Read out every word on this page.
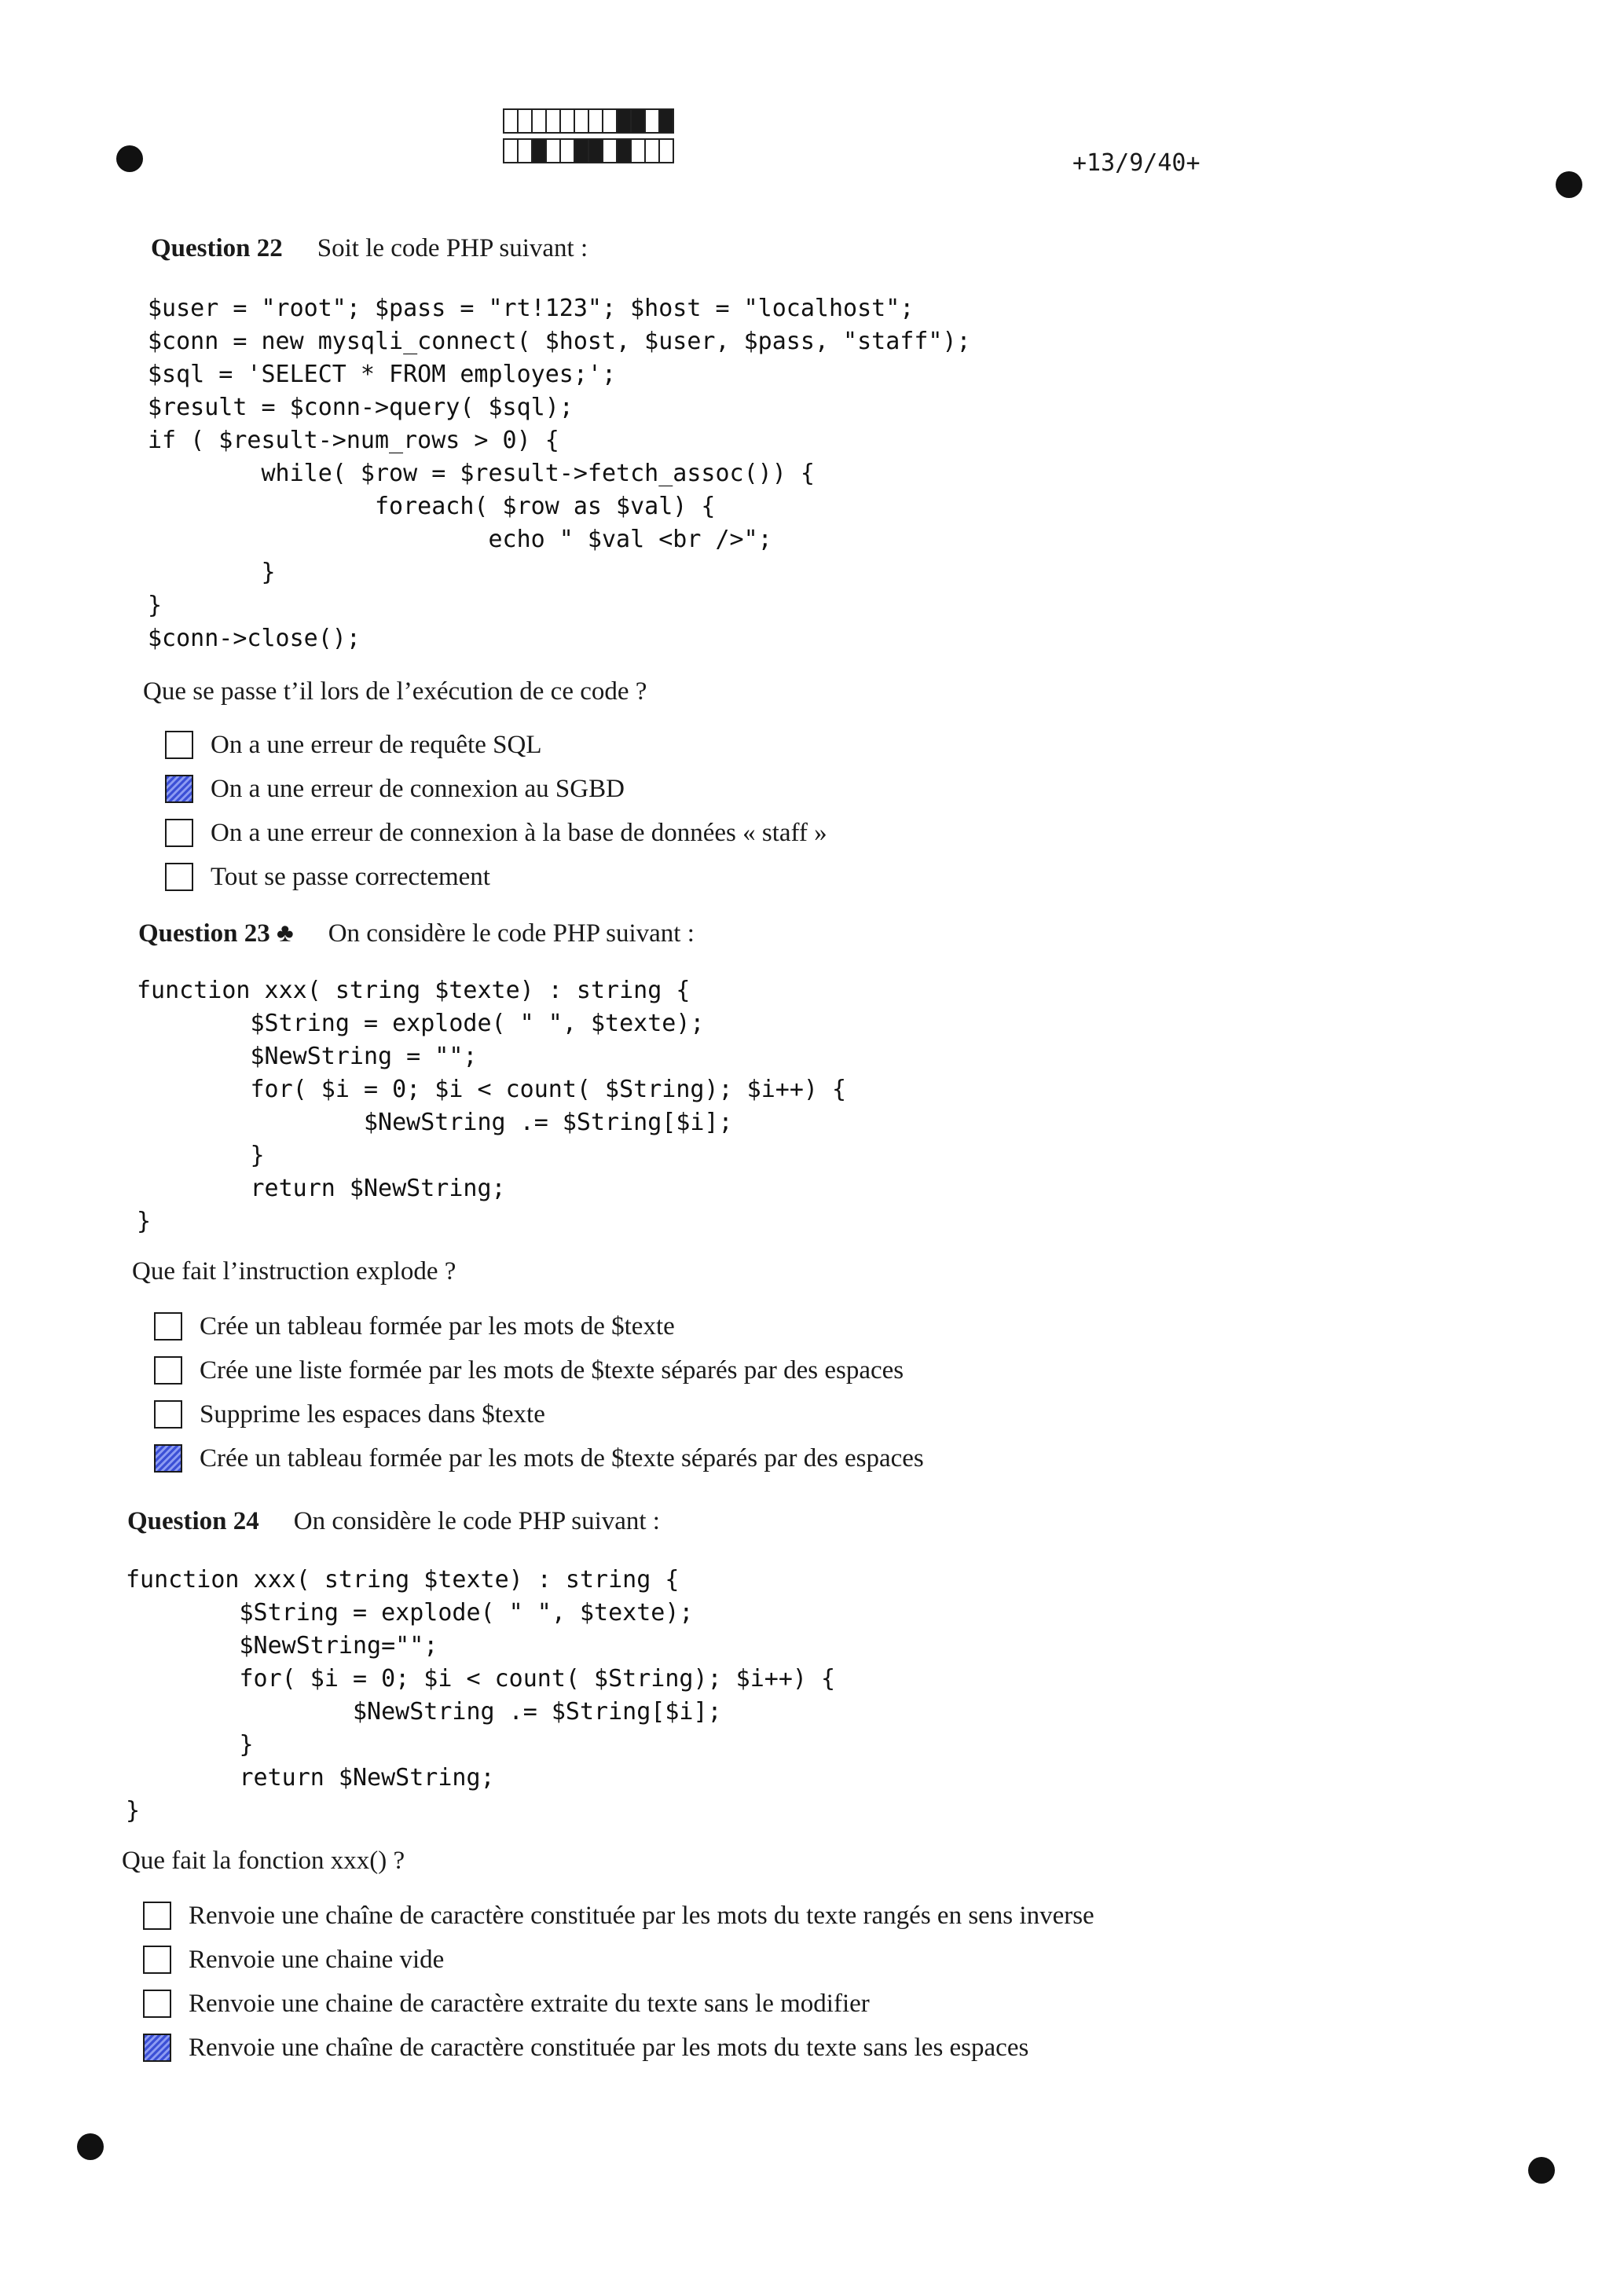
+13/9/40+
Question 22 Soit le code PHP suivant :
$user = "root"; $pass = "rt!123"; $host = "localhost";
$conn = new mysqli_connect( $host, $user, $pass, "staff");
$sql = 'SELECT * FROM employes;';
$result = $conn->query( $sql);
if ( $result->num_rows > 0) {
while( $row = $result->fetch_assoc()) {
foreach( $row as $val) {
echo " $val <br />";
}
}
$conn->close();
Que se passe t’il lors de l’exécution de ce code ?
On a une erreur de requête SQL
On a une erreur de connexion au SGBD
On a une erreur de connexion à la base de données « staff »
Tout se passe correctement
Question 23 ♣ On considère le code PHP suivant :
function xxx( string $texte) : string {
$String = explode( " ", $texte);
$NewString = "";
for( $i = 0; $i < count( $String); $i++) {
$NewString .= $String[$i];
}
return $NewString;
}
Que fait l’instruction explode ?
Crée un tableau formée par les mots de $texte
Crée une liste formée par les mots de $texte séparés par des espaces
Supprime les espaces dans $texte
Crée un tableau formée par les mots de $texte séparés par des espaces
Question 24 On considère le code PHP suivant :
function xxx( string $texte) : string {
$String = explode( " ", $texte);
$NewString="";
for( $i = 0; $i < count( $String); $i++) {
$NewString .= $String[$i];
}
return $NewString;
}
Que fait la fonction xxx() ?
Renvoie une chaîne de caractère constituée par les mots du texte rangés en sens inverse
Renvoie une chaine vide
Renvoie une chaine de caractère extraite du texte sans le modifier
Renvoie une chaîne de caractère constituée par les mots du texte sans les espaces
